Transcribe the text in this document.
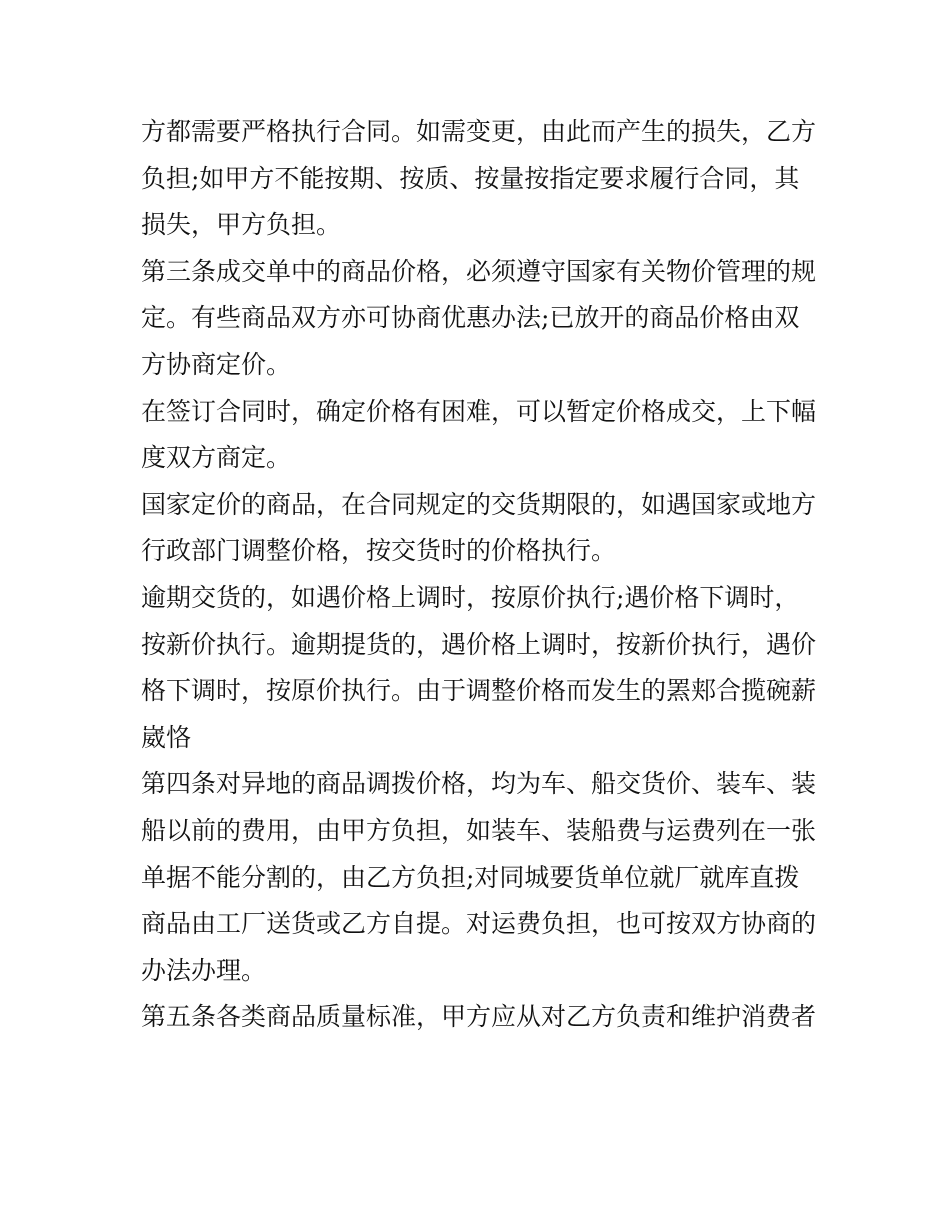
方都需要严格执行合同。如需变更，由此而产生的损失，乙方
负担;如甲方不能按期、按质、按量按指定要求履行合同，其
损失，甲方负担。
第三条成交单中的商品价格，必须遵守国家有关物价管理的规
定。有些商品双方亦可协商优惠办法;已放开的商品价格由双
方协商定价。
在签订合同时，确定价格有困难，可以暂定价格成交，上下幅
度双方商定。
国家定价的商品，在合同规定的交货期限的，如遇国家或地方
行政部门调整价格，按交货时的价格执行。
逾期交货的，如遇价格上调时，按原价执行;遇价格下调时，
按新价执行。逾期提货的，遇价格上调时，按新价执行，遇价
格下调时，按原价执行。由于调整价格而发生的罴郏合揽碗薪
崴恪
第四条对异地的商品调拨价格，均为车、船交货价、装车、装
船以前的费用，由甲方负担，如装车、装船费与运费列在一张
单据不能分割的，由乙方负担;对同城要货单位就厂就库直拨
商品由工厂送货或乙方自提。对运费负担，也可按双方协商的
办法办理。
第五条各类商品质量标准，甲方应从对乙方负责和维护消费者
